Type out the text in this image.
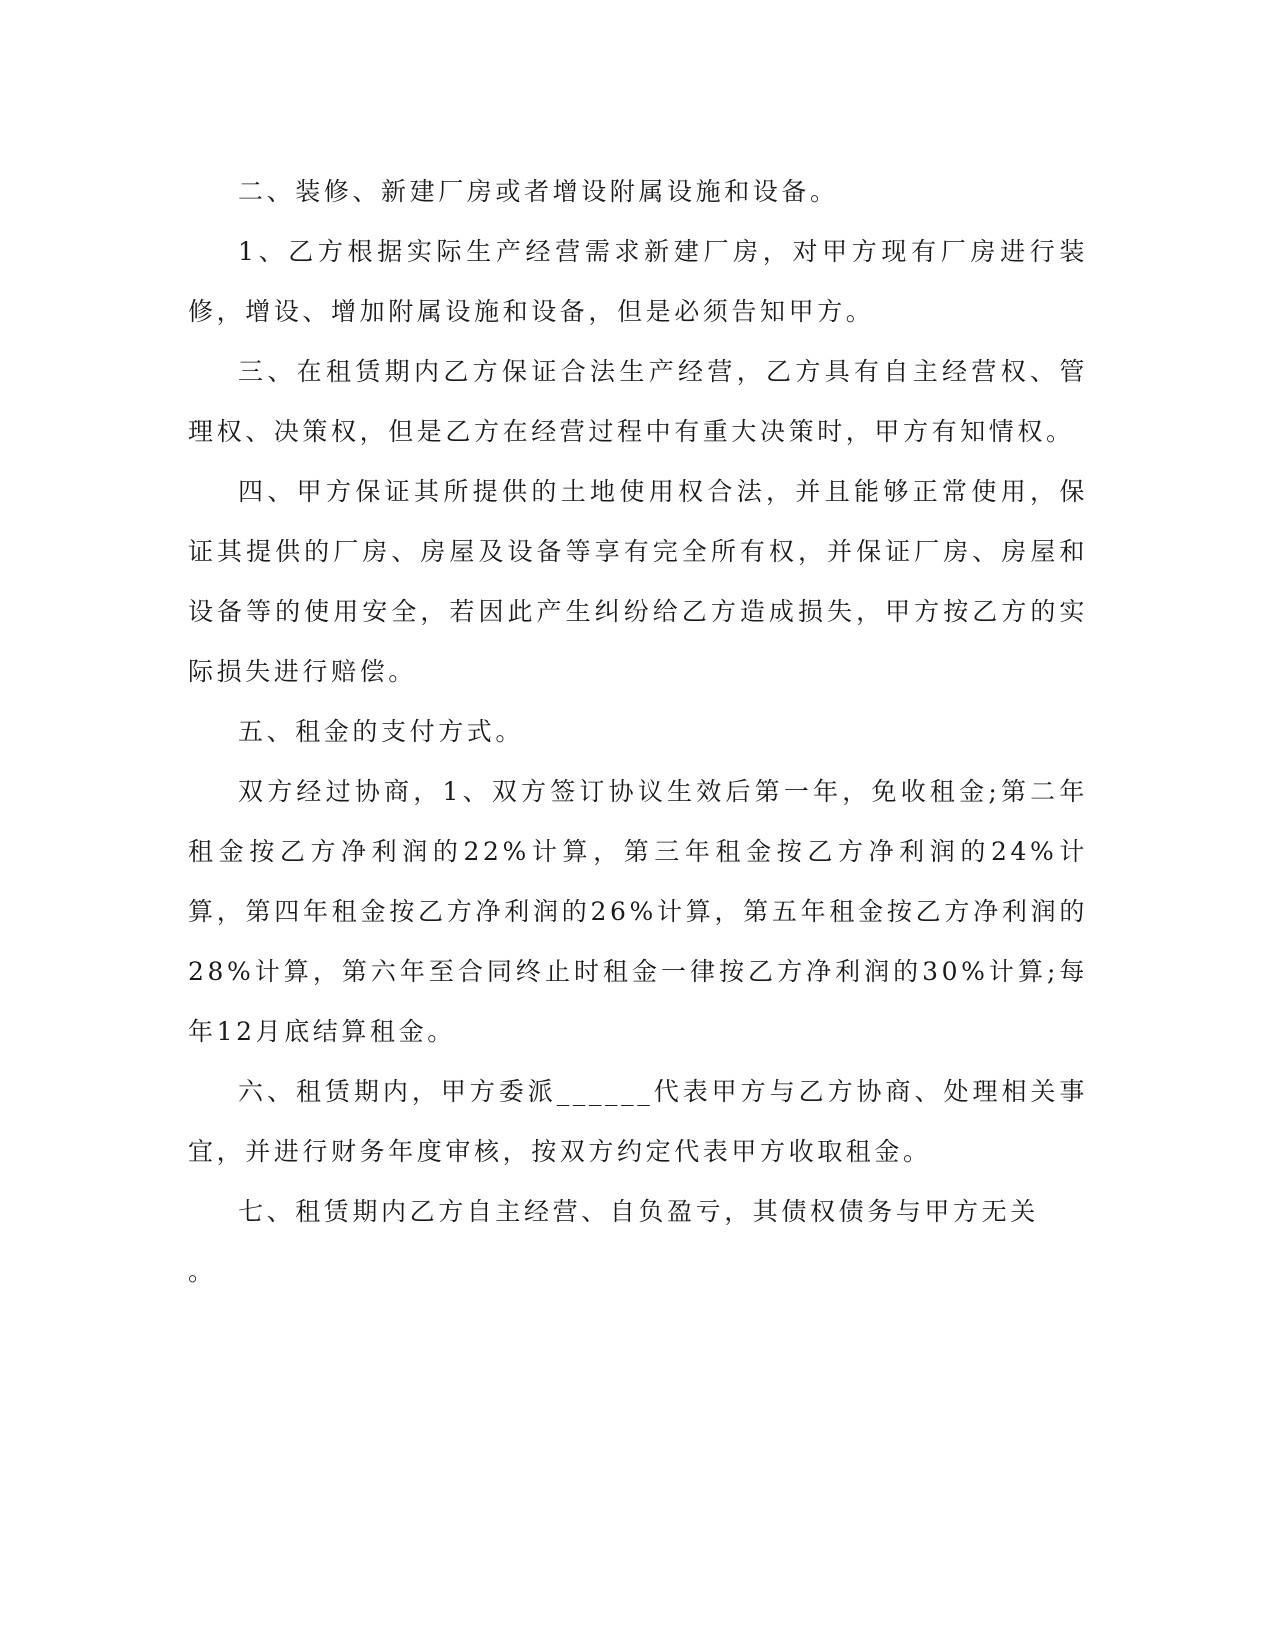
二、装修、新建厂房或者增设附属设施和设备。

1、乙方根据实际生产经营需求新建厂房，对甲方现有厂房进行装修，增设、增加附属设施和设备，但是必须告知甲方。

三、在租赁期内乙方保证合法生产经营，乙方具有自主经营权、管理权、决策权，但是乙方在经营过程中有重大决策时，甲方有知情权。

四、甲方保证其所提供的土地使用权合法，并且能够正常使用，保证其提供的厂房、房屋及设备等享有完全所有权，并保证厂房、房屋和设备等的使用安全，若因此产生纠纷给乙方造成损失，甲方按乙方的实际损失进行赔偿。

五、租金的支付方式。

双方经过协商，1、双方签订协议生效后第一年，免收租金;第二年租金按乙方净利润的22%计算，第三年租金按乙方净利润的24%计算，第四年租金按乙方净利润的26%计算，第五年租金按乙方净利润的28%计算，第六年至合同终止时租金一律按乙方净利润的30%计算;每年12月底结算租金。

六、租赁期内，甲方委派______代表甲方与乙方协商、处理相关事宜，并进行财务年度审核，按双方约定代表甲方收取租金。

七、租赁期内乙方自主经营、自负盈亏，其债权债务与甲方无关

。
